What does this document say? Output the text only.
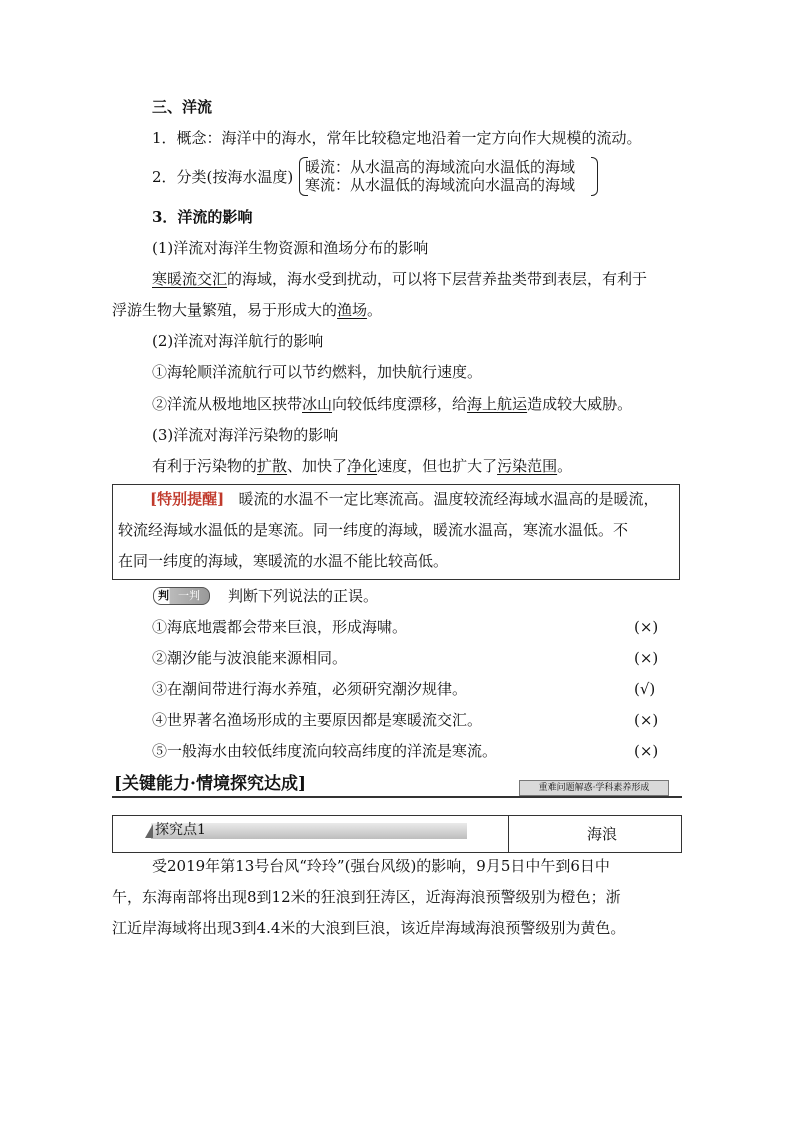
三、洋流
1．概念：海洋中的海水，常年比较稳定地沿着一定方向作大规模的流动。
2．分类(按海水温度)
暖流：从水温高的海域流向水温低的海域
寒流：从水温低的海域流向水温高的海域
3．洋流的影响
(1)洋流对海洋生物资源和渔场分布的影响
寒暖流交汇的海域，海水受到扰动，可以将下层营养盐类带到表层，有利于
浮游生物大量繁殖，易于形成大的渔场。
(2)洋流对海洋航行的影响
①海轮顺洋流航行可以节约燃料，加快航行速度。
②洋流从极地地区挟带冰山向较低纬度漂移，给海上航运造成较大威胁。
(3)洋流对海洋污染物的影响
有利于污染物的扩散、加快了净化速度，但也扩大了污染范围。
[特别提醒] 暖流的水温不一定比寒流高。温度较流经海域水温高的是暖流，
较流经海域水温低的是寒流。同一纬度的海域，暖流水温高，寒流水温低。不
在同一纬度的海域，寒暖流的水温不能比较高低。
判 一判 判断下列说法的正误。
①海底地震都会带来巨浪，形成海啸。	(×)
②潮汐能与波浪能来源相同。	(×)
③在潮间带进行海水养殖，必须研究潮汐规律。	(√)
④世界著名渔场形成的主要原因都是寒暖流交汇。	(×)
⑤一般海水由较低纬度流向较高纬度的洋流是寒流。	(×)
[关键能力·情境探究达成]	重难问题解惑·学科素养形成
探究点1	海浪
受2019年第13号台风“玲玲”(强台风级)的影响，9月5日中午到6日中
午，东海南部将出现8到12米的狂浪到狂涛区，近海海浪预警级别为橙色；浙
江近岸海域将出现3到4.4米的大浪到巨浪，该近岸海域海浪预警级别为黄色。
